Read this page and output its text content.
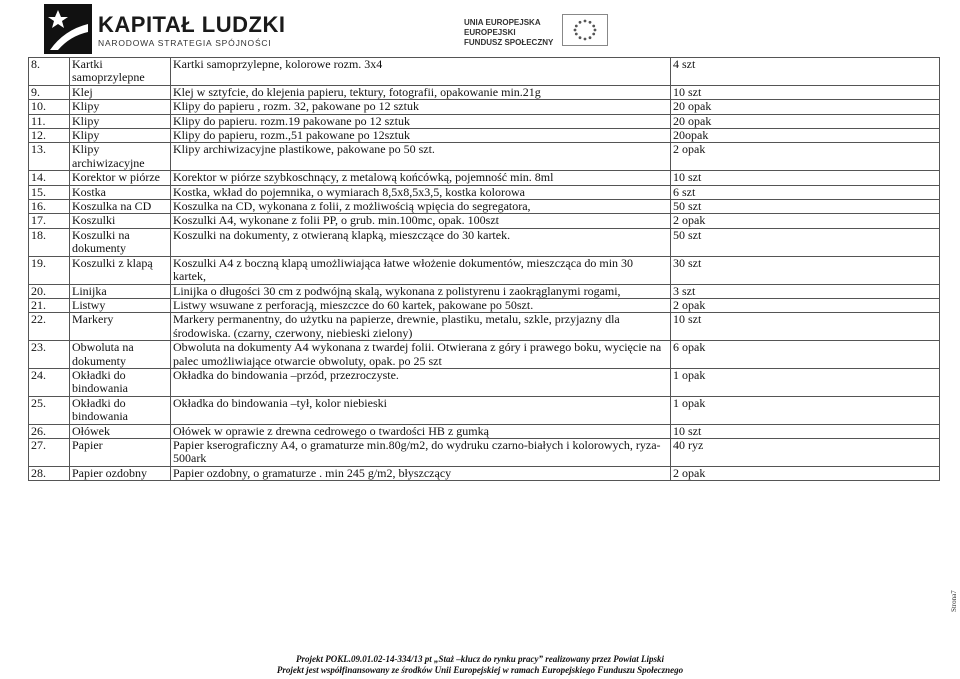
KAPITAŁ LUDZKI
NARODOWA STRATEGIA SPÓJNOŚCI
UNIA EUROPEJSKA
EUROPEJSKI
FUNDUSZ SPOŁECZNY
8.	Kartki samoprzylepne	Kartki samoprzylepne, kolorowe rozm. 3x4	4 szt
9.	Klej	Klej w sztyfcie, do klejenia papieru, tektury, fotografii, opakowanie min.21g	10 szt
10.	Klipy	Klipy do papieru , rozm. 32, pakowane po 12 sztuk	20 opak
11.	Klipy	Klipy do papieru. rozm.19 pakowane po 12 sztuk	20 opak
12.	Klipy	Klipy do papieru, rozm.,51 pakowane po 12sztuk	20opak
13.	Klipy archiwizacyjne	Klipy archiwizacyjne plastikowe, pakowane po 50 szt.	2 opak
14.	Korektor w piórze	Korektor w piórze szybkoschnący, z metalową końcówką, pojemność min. 8ml	10 szt
15.	Kostka	Kostka, wkład do pojemnika, o wymiarach 8,5x8,5x3,5, kostka kolorowa	6 szt
16.	Koszulka na CD	Koszulka na CD, wykonana z folii, z możliwością wpięcia do segregatora,	50 szt
17.	Koszulki	Koszulki A4, wykonane z folii PP, o grub. min.100mc, opak. 100szt	2 opak
18.	Koszulki na dokumenty	Koszulki na dokumenty, z otwieraną klapką, mieszczące do 30 kartek.	50 szt
19.	Koszulki z klapą	Koszulki A4 z boczną klapą umożliwiająca łatwe włożenie dokumentów, mieszcząca do min 30 kartek,	30 szt
20.	Linijka	Linijka o długości 30 cm z podwójną skalą, wykonana z polistyrenu i zaokrąglanymi rogami,	3 szt
21.	Listwy	Listwy wsuwane z perforacją, mieszczce do 60 kartek, pakowane po 50szt.	2 opak
22.	Markery	Markery permanentny, do użytku na papierze, drewnie, plastiku, metalu, szkle, przyjazny dla środowiska. (czarny, czerwony, niebieski zielony)	10 szt
23.	Obwoluta na dokumenty	Obwoluta na dokumenty A4 wykonana z twardej folii. Otwierana z góry i prawego boku, wycięcie na palec umożliwiające otwarcie obwoluty, opak. po 25 szt	6 opak
24.	Okładki do bindowania	Okładka do bindowania –przód, przezroczyste.	1 opak
25.	Okładki do bindowania	Okładka do bindowania –tył, kolor niebieski	1 opak
26.	Ołówek	Ołówek w oprawie z drewna cedrowego o twardości HB z gumką	10 szt
27.	Papier	Papier kserograficzny A4, o gramaturze min.80g/m2, do wydruku czarno-białych i kolorowych, ryza-500ark	40 ryz
28.	Papier ozdobny	Papier ozdobny, o gramaturze . min 245 g/m2, błyszczący	2 opak
Projekt POKL.09.01.02-14-334/13 pt „Staż –klucz do rynku pracy” realizowany przez Powiat Lipski
Projekt jest współfinansowany ze środków Unii Europejskiej w ramach Europejskiego Funduszu Społecznego
Strona7
